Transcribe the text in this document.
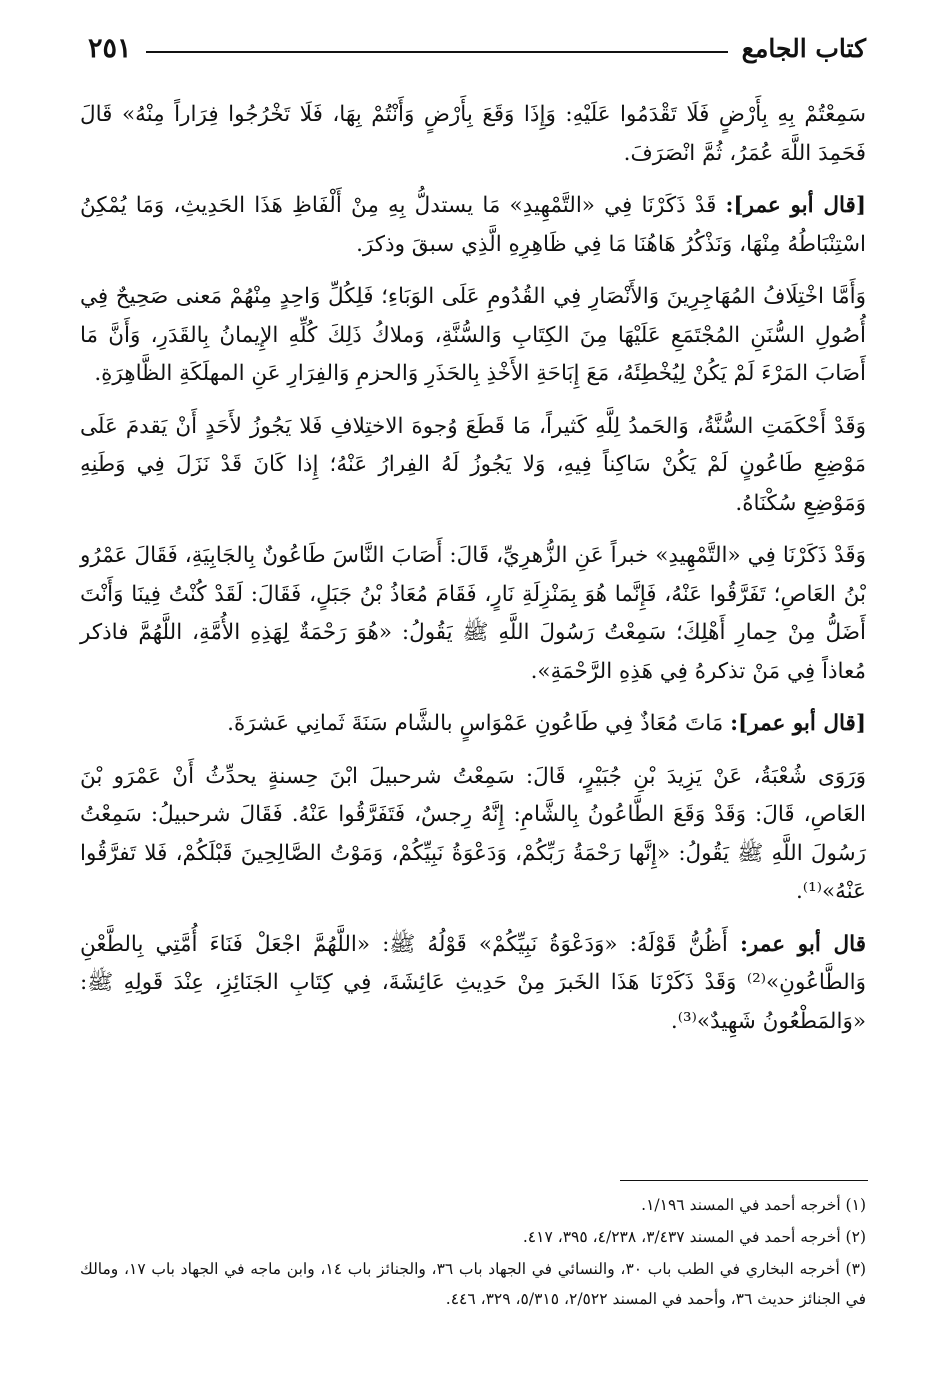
كتاب الجامع
٢٥١

سَمِعْتُمْ بِهِ بِأَرْضٍ فَلَا تَقْدَمُوا عَلَيْهِ: وَإِذَا وَقَعَ بِأَرْضٍ وَأَنْتُمْ بِهَا، فَلَا تَخْرُجُوا فِرَاراً مِنْهُ» قَالَ فَحَمِدَ اللَّهَ عُمَرُ، ثُمَّ انْصَرَفَ.

[قال أبو عمر]: قَدْ ذَكَرْنَا فِي «التَّمْهِيدِ» مَا يستدلُّ بِهِ مِنْ أَلْفَاظِ هَذَا الحَدِيثِ، وَمَا يُمْكِنُ اسْتِنْبَاطُهُ مِنْهَا، وَنَذْكُرُ هَاهُنَا مَا فِي ظَاهِرِهِ الَّذِي سبقَ وذكرَ.

وَأَمَّا اخْتِلَافُ المُهَاجِرِينَ وَالأَنْصَارِ فِي القُدُومِ عَلَى الوَبَاءِ؛ فَلِكُلِّ وَاحِدٍ مِنْهُمْ مَعنى صَحِيحٌ فِي أُصُولِ السُّنَنِ المُجْتَمَعِ عَلَيْهَا مِنَ الكِتَابِ وَالسُّنَّةِ، وَملاكُ ذَلِكَ كُلِّهِ الإِيمانُ بِالقَدَرِ، وَأَنَّ مَا أَصَابَ المَرْءَ لَمْ يَكُنْ لِيُخْطِئَهُ، مَعَ إِبَاحَةِ الأَخْذِ بِالحَذَرِ وَالحزمِ وَالفِرَارِ عَنِ المهلَكَةِ الظَّاهِرَةِ.

وَقَدْ أَحْكَمَتِ السُّنَّةُ، وَالحَمدُ لِلَّهِ كَثيراً، مَا قَطَعَ وُجوهَ الاختِلافِ فَلا يَجُوزُ لأَحَدٍ أَنْ يَقدمَ عَلَى مَوْضِعِ طَاعُونٍ لَمْ يَكُنْ سَاكِناً فِيهِ، وَلا يَجُوزُ لَهُ الفِرارُ عَنْهُ؛ إِذا كَانَ قَدْ نَزَلَ فِي وَطَنِهِ وَمَوْضِعِ سُكْنَاهُ.

وَقَدْ ذَكَرْنَا فِي «التَّمْهِيدِ» خبراً عَنِ الزُّهرِيِّ، قَالَ: أَصَابَ النَّاسَ طَاعُونٌ بِالجَابِيَةِ، فَقَالَ عَمْرُو بْنُ العَاصِ؛ تَفَرَّقُوا عَنْهُ، فَإِنَّما هُوَ بِمَنْزِلَةِ نَارٍ، فَقَامَ مُعَاذُ بْنُ جَبَلٍ، فَقَالَ: لَقَدْ كُنْتُ فِينَا وَأَنْتَ أَضَلُّ مِنْ حِمارِ أَهْلِكَ؛ سَمِعْتُ رَسُولَ اللَّهِ ﷺ يَقُولُ: «هُوَ رَحْمَةٌ لِهَذِهِ الأُمَّةِ، اللَّهُمَّ فاذكر مُعاذاً فِي مَنْ تذكرهُ فِي هَذِهِ الرَّحْمَةِ».

[قال أبو عمر]: مَاتَ مُعَاذٌ فِي طَاعُونِ عَمْوَاسٍ بالشَّام سَنَةَ ثَمانِي عَشرَةَ.

وَرَوَى شُعْبَةُ، عَنْ يَزِيدَ بْنِ جُبَيْرٍ، قَالَ: سَمِعْتُ شرحبيلَ ابْنَ حِسنةٍ يحدِّثُ أَنْ عَمْرَو بْنَ العَاصِ، قَالَ: وَقَدْ وَقَعَ الطَّاعُونُ بِالشَّامِ: إِنَّهُ رِجسٌ، فَتَفَرَّقُوا عَنْهُ. فَقَالَ شرحبيلُ: سَمِعْتُ رَسُولَ اللَّهِ ﷺ يَقُولُ: «إِنَّها رَحْمَةُ رَبِّكُمْ، وَدَعْوَةُ نَبِيِّكُمْ، وَمَوْتُ الصَّالِحِينَ قَبْلَكُمْ، فَلا تَفرَّقُوا عَنْهُ»⁽¹⁾.

قال أبو عمر: أَظُنُّ قَوْلَهُ: «وَدَعْوَةُ نَبِيِّكُمْ» قَوْلُهُ ﷺ: «اللَّهُمَّ اجْعَلْ فَنَاءَ أُمَّتِي بِالطَّعْنِ وَالطَّاعُونِ»⁽²⁾ وَقَدْ ذَكَرْنَا هَذَا الخَبرَ مِنْ حَدِيثِ عَائِشَةَ، فِي كِتَابِ الجَنَائِزِ، عِنْدَ قَولِهِ ﷺ: «وَالمَطْعُونُ شَهِيدٌ»⁽³⁾.

(١) أخرجه أحمد في المسند ١/١٩٦.

(٢) أخرجه أحمد في المسند ٣/٤٣٧، ٤/٢٣٨، ٣٩٥، ٤١٧.

(٣) أخرجه البخاري في الطب باب ٣٠، والنسائي في الجهاد باب ٣٦، والجنائز باب ١٤، وابن ماجه في الجهاد باب ١٧، ومالك في الجنائز حديث ٣٦، وأحمد في المسند ٢/٥٢٢، ٥/٣١٥، ٣٢٩، ٤٤٦.
